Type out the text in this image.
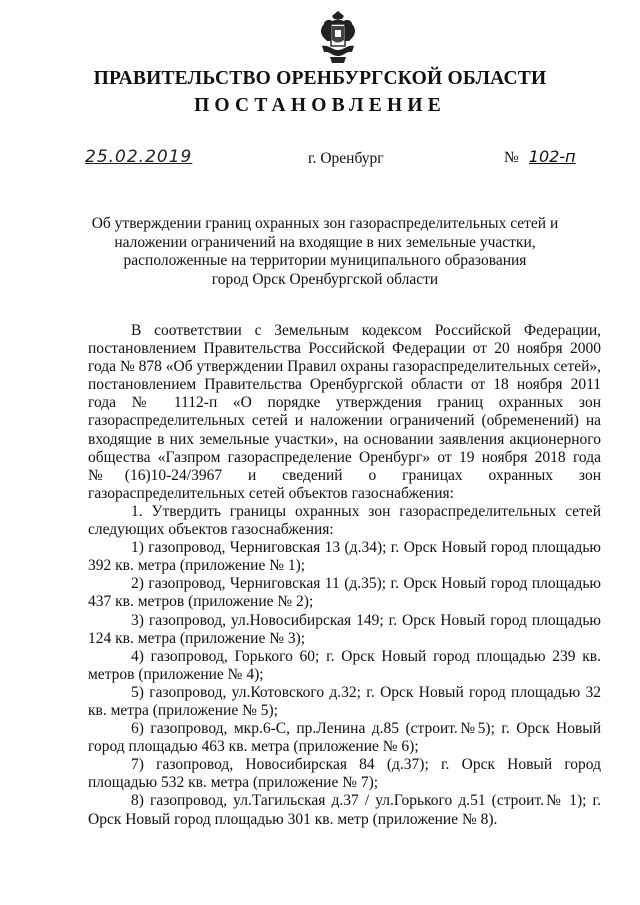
ПРАВИТЕЛЬСТВО ОРЕНБУРГСКОЙ ОБЛАСТИ
ПОСТАНОВЛЕНИЕ
25.02.2019	г. Оренбург	№ 102-п
Об утверждении границ охранных зон газораспределительных сетей и
наложении ограничений на входящие в них земельные участки,
расположенные на территории муниципального образования
город Орск Оренбургской области

В соответствии с Земельным кодексом Российской Федерации, постановлением Правительства Российской Федерации от 20 ноября 2000 года № 878 «Об утверждении Правил охраны газораспределительных сетей», постановлением Правительства Оренбургской области от 18 ноября 2011 года № 1112-п «О порядке утверждения границ охранных зон газораспределительных сетей и наложении ограничений (обременений) на входящие в них земельные участки», на основании заявления акционерного общества «Газпром газораспределение Оренбург» от 19 ноября 2018 года №(16)10-24/3967 и сведений о границах охранных зон газораспределительных сетей объектов газоснабжения:

1. Утвердить границы охранных зон газораспределительных сетей следующих объектов газоснабжения:

1) газопровод, Черниговская 13 (д.34); г. Орск Новый город площадью 392 кв. метра (приложение № 1);

2) газопровод, Черниговская 11 (д.35); г. Орск Новый город площадью 437 кв. метров (приложение № 2);

3) газопровод, ул.Новосибирская 149; г. Орск Новый город площадью 124 кв. метра (приложение № 3);

4) газопровод, Горького 60; г. Орск Новый город площадью 239 кв. метров (приложение № 4);

5) газопровод, ул.Котовского д.32; г. Орск Новый город площадью 32 кв. метра (приложение № 5);

6) газопровод, мкр.6-С, пр.Ленина д.85 (строит.№5); г. Орск Новый город площадью 463 кв. метра (приложение № 6);

7) газопровод, Новосибирская 84 (д.37); г. Орск Новый город площадью 532 кв. метра (приложение № 7);

8) газопровод, ул.Тагильская д.37 / ул.Горького д.51 (строит.№ 1); г. Орск Новый город площадью 301 кв. метр (приложение № 8).
